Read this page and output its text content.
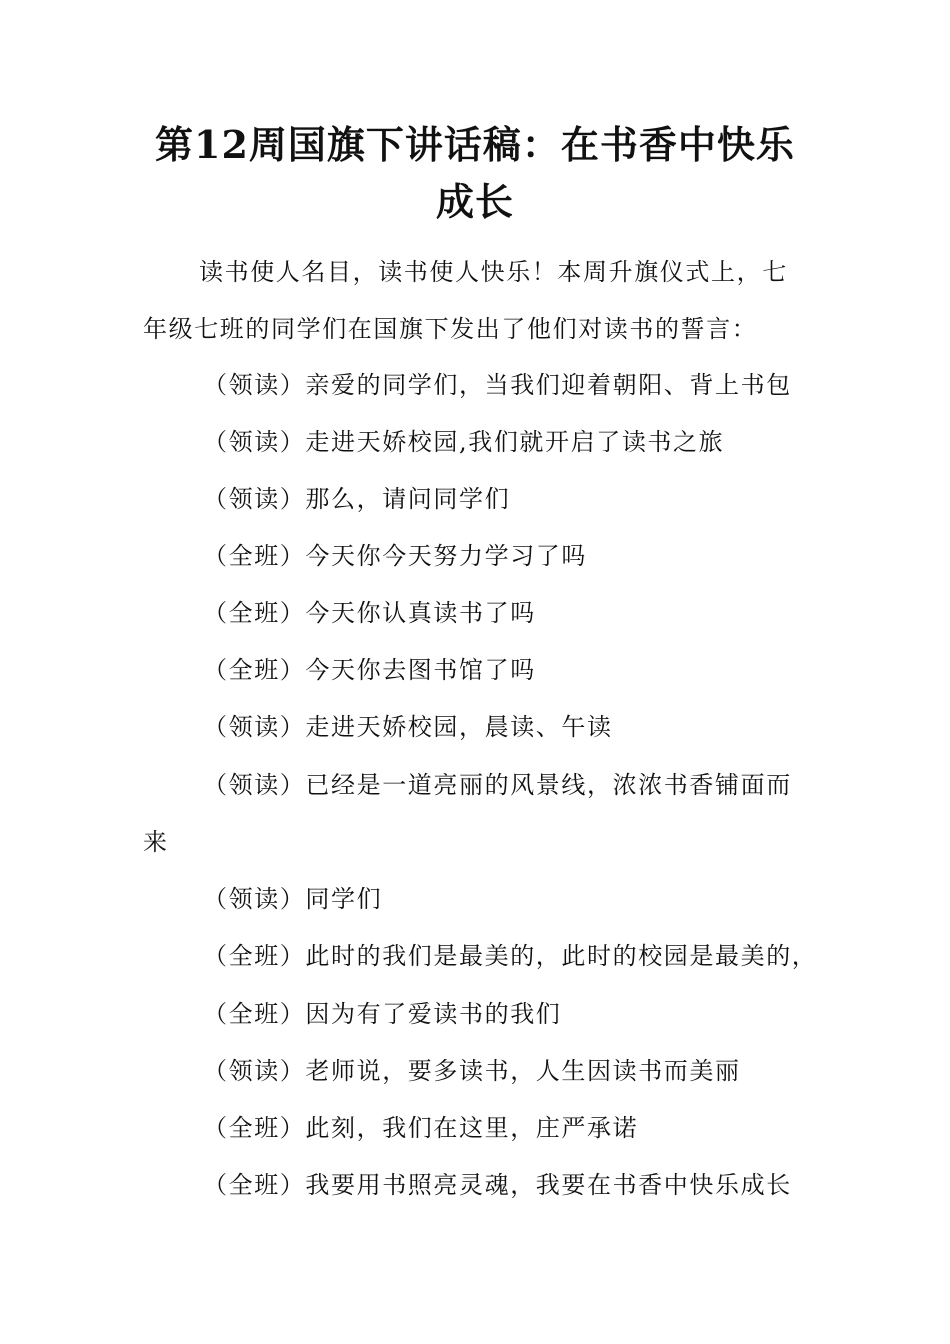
第12周国旗下讲话稿：在书香中快乐
成长

读书使人名目，读书使人快乐！本周升旗仪式上，七年级七班的同学们在国旗下发出了他们对读书的誓言：

（领读）亲爱的同学们，当我们迎着朝阳、背上书包

（领读）走进天娇校园,我们就开启了读书之旅

（领读）那么，请问同学们

（全班）今天你今天努力学习了吗

（全班）今天你认真读书了吗

（全班）今天你去图书馆了吗

（领读）走进天娇校园，晨读、午读

（领读）已经是一道亮丽的风景线，浓浓书香铺面而

来

（领读）同学们

（全班）此时的我们是最美的，此时的校园是最美的，

（全班）因为有了爱读书的我们

（领读）老师说，要多读书，人生因读书而美丽

（全班）此刻，我们在这里，庄严承诺

（全班）我要用书照亮灵魂，我要在书香中快乐成长
